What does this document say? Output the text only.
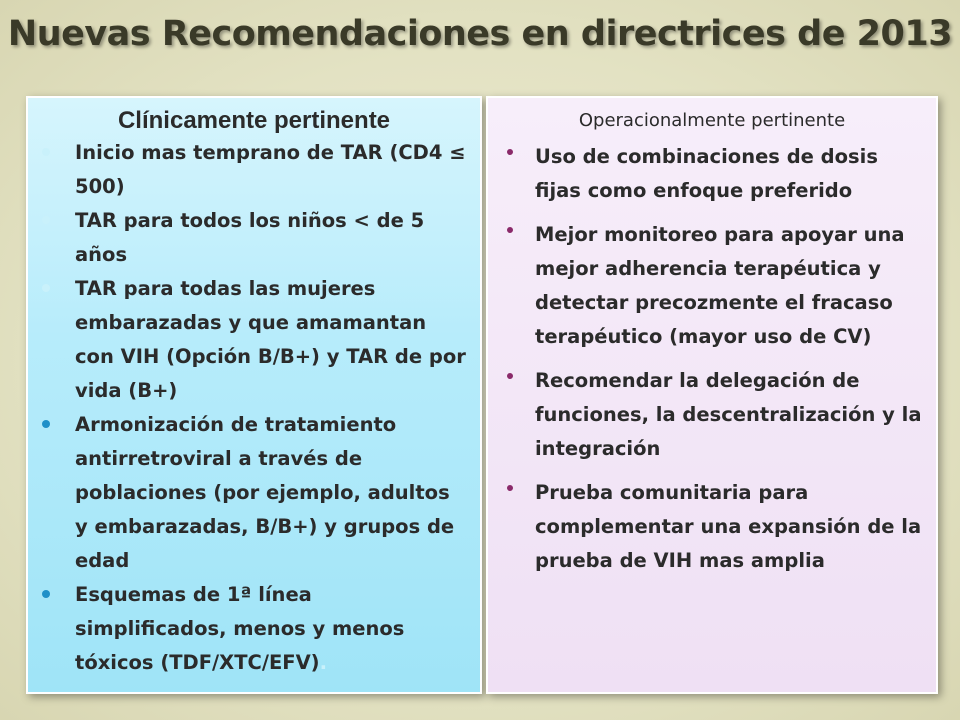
Nuevas Recomendaciones en directrices de 2013
Clínicamente pertinente
Inicio mas temprano de TAR (CD4 ≤ 500)
TAR para todos los niños < de 5 años
TAR para todas las mujeres embarazadas y que amamantan con VIH (Opción B/B+) y TAR de por vida (B+)
Armonización de tratamiento antirretroviral a través de poblaciones (por ejemplo, adultos y embarazadas, B/B+) y grupos de edad
Esquemas de 1ª línea simplificados, menos y menos tóxicos (TDF/XTC/EFV).
Operacionalmente pertinente
Uso de combinaciones de dosis fijas como enfoque preferido
Mejor monitoreo para apoyar una mejor adherencia terapéutica y detectar precozmente el fracaso terapéutico (mayor uso de CV)
Recomendar la delegación de funciones, la descentralización y la integración
Prueba comunitaria para complementar una expansión de la prueba de VIH mas amplia
